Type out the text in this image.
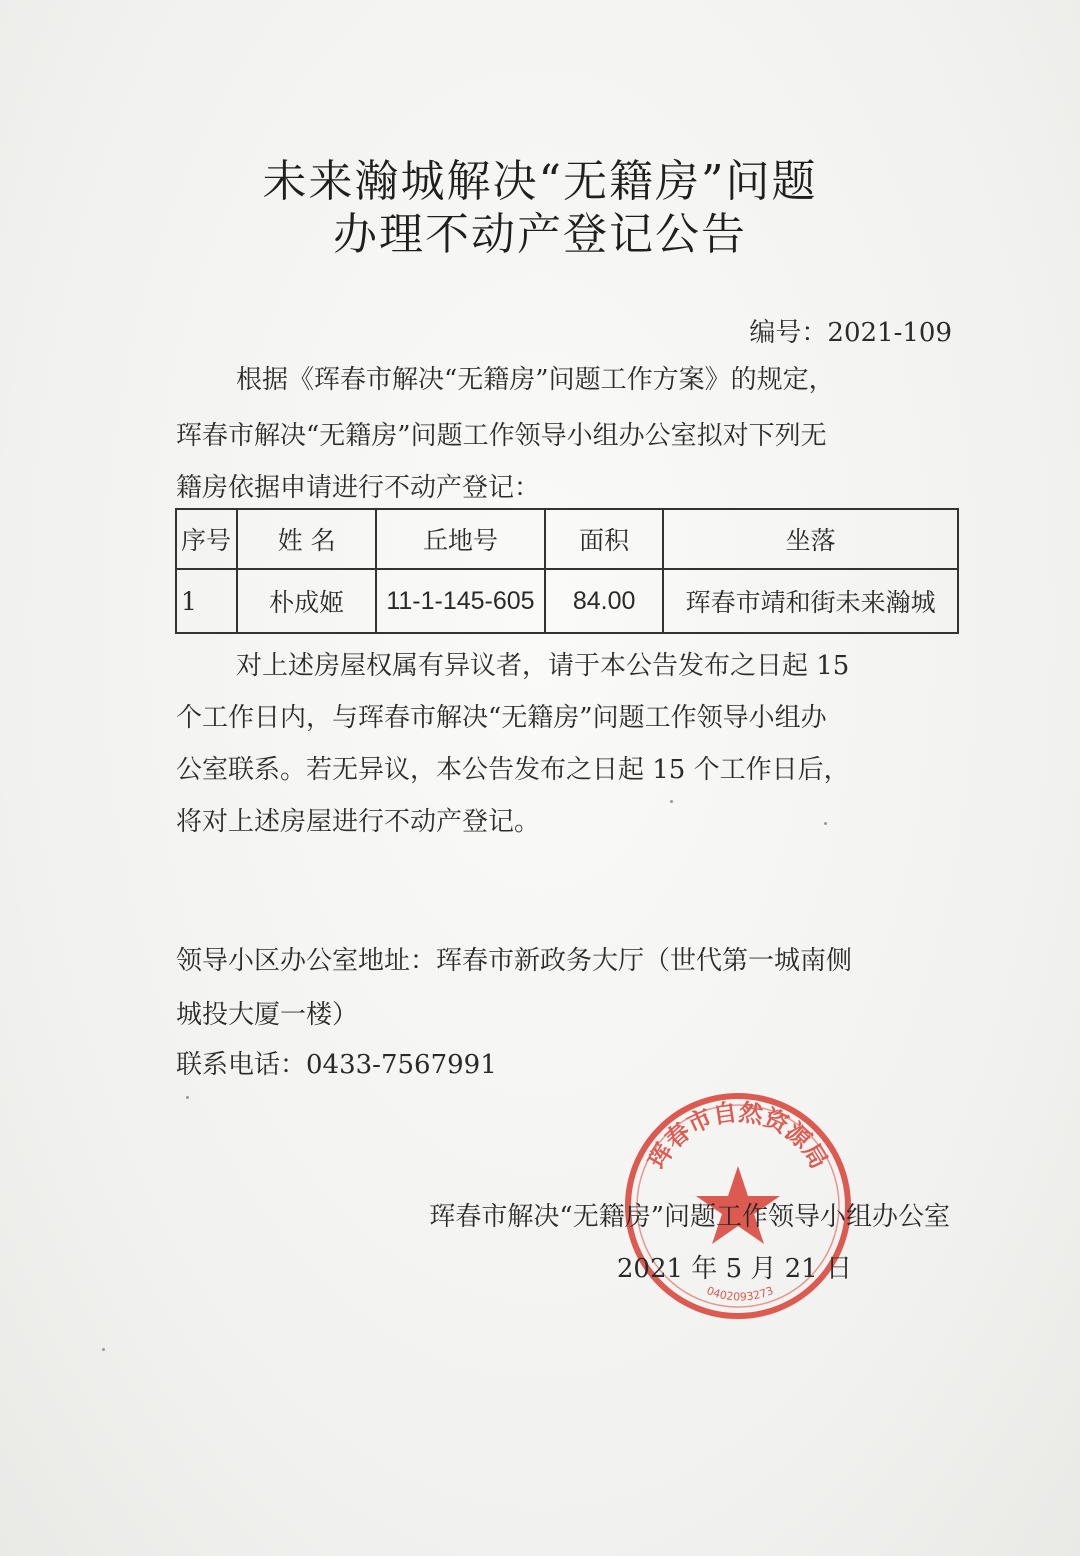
未来瀚城解决“无籍房”问题
办理不动产登记公告
编号：2021-109
根据《珲春市解决“无籍房”问题工作方案》的规定，
珲春市解决“无籍房”问题工作领导小组办公室拟对下列无
籍房依据申请进行不动产登记：
序号	姓 名	丘地号	面积	坐落
1	朴成姬	11-1-145-605	84.00	珲春市靖和街未来瀚城
对上述房屋权属有异议者，请于本公告发布之日起 15
个工作日内，与珲春市解决“无籍房”问题工作领导小组办
公室联系。若无异议，本公告发布之日起 15 个工作日后，
将对上述房屋进行不动产登记。
领导小区办公室地址：珲春市新政务大厅（世代第一城南侧
城投大厦一楼）
联系电话：0433-7567991
珲春市自然资源局
0402093273
珲春市解决“无籍房”问题工作领导小组办公室
2021 年 5 月 21 日
